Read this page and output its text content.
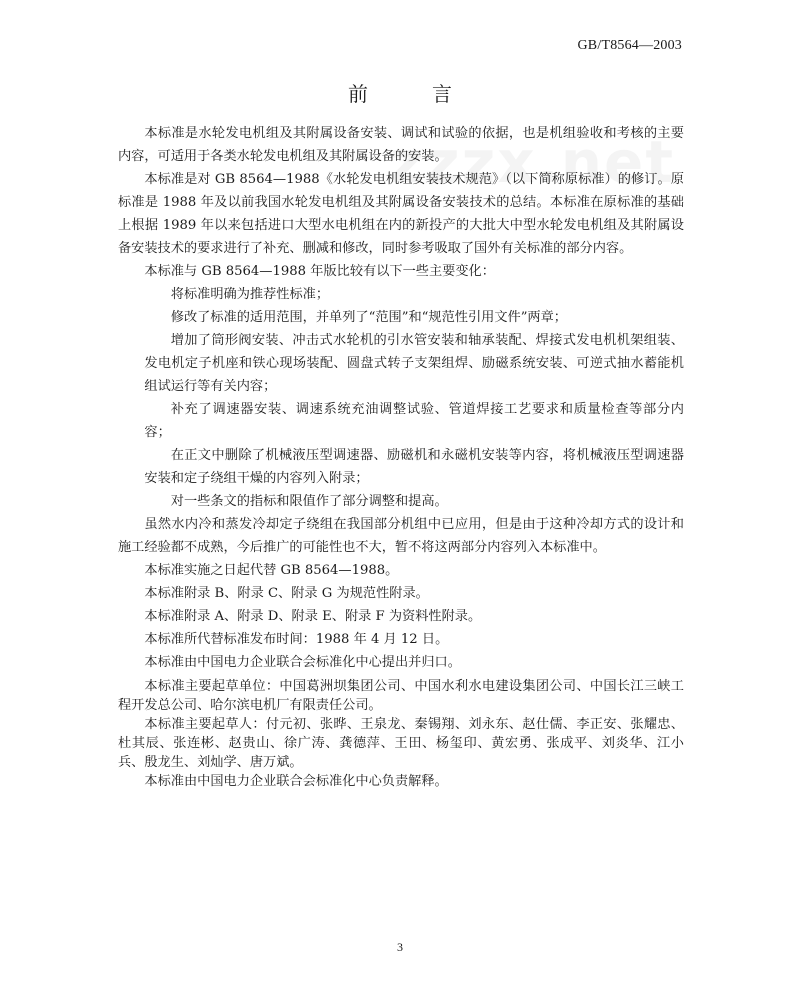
GB/T8564—2003
前　言

本标准是水轮发电机组及其附属设备安装、调试和试验的依据，也是机组验收和考核的主要内容，可适用于各类水轮发电机组及其附属设备的安装。

本标准是对 GB 8564—1988《水轮发电机组安装技术规范》（以下简称原标准）的修订。原标准是 1988 年及以前我国水轮发电机组及其附属设备安装技术的总结。本标准在原标准的基础上根据 1989 年以来包括进口大型水电机组在内的新投产的大批大中型水轮发电机组及其附属设备安装技术的要求进行了补充、删减和修改，同时参考吸取了国外有关标准的部分内容。

本标准与 GB 8564—1988 年版比较有以下一些主要变化：

将标准明确为推荐性标准；

修改了标准的适用范围，并单列了“范围”和“规范性引用文件”两章；

增加了筒形阀安装、冲击式水轮机的引水管安装和轴承装配、焊接式发电机机架组装、发电机定子机座和铁心现场装配、圆盘式转子支架组焊、励磁系统安装、可逆式抽水蓄能机组试运行等有关内容；

补充了调速器安装、调速系统充油调整试验、管道焊接工艺要求和质量检查等部分内容；

在正文中删除了机械液压型调速器、励磁机和永磁机安装等内容，将机械液压型调速器安装和定子绕组干燥的内容列入附录；

对一些条文的指标和限值作了部分调整和提高。

虽然水内冷和蒸发冷却定子绕组在我国部分机组中已应用，但是由于这种冷却方式的设计和施工经验都不成熟，今后推广的可能性也不大，暂不将这两部分内容列入本标准中。

本标准实施之日起代替 GB 8564—1988。

本标准附录 B、附录 C、附录 G 为规范性附录。

本标准附录 A、附录 D、附录 E、附录 F 为资料性附录。

本标准所代替标准发布时间：1988 年 4 月 12 日。

本标准由中国电力企业联合会标准化中心提出并归口。

本标准主要起草单位：中国葛洲坝集团公司、中国水利水电建设集团公司、中国长江三峡工程开发总公司、哈尔滨电机厂有限责任公司。

本标准主要起草人：付元初、张晔、王泉龙、秦锡翔、刘永东、赵仕儒、李正安、张耀忠、杜其辰、张连彬、赵贵山、徐广涛、龚德萍、王田、杨玺印、黄宏勇、张成平、刘炎华、江小兵、殷龙生、刘灿学、唐万斌。

本标准由中国电力企业联合会标准化中心负责解释。

3
